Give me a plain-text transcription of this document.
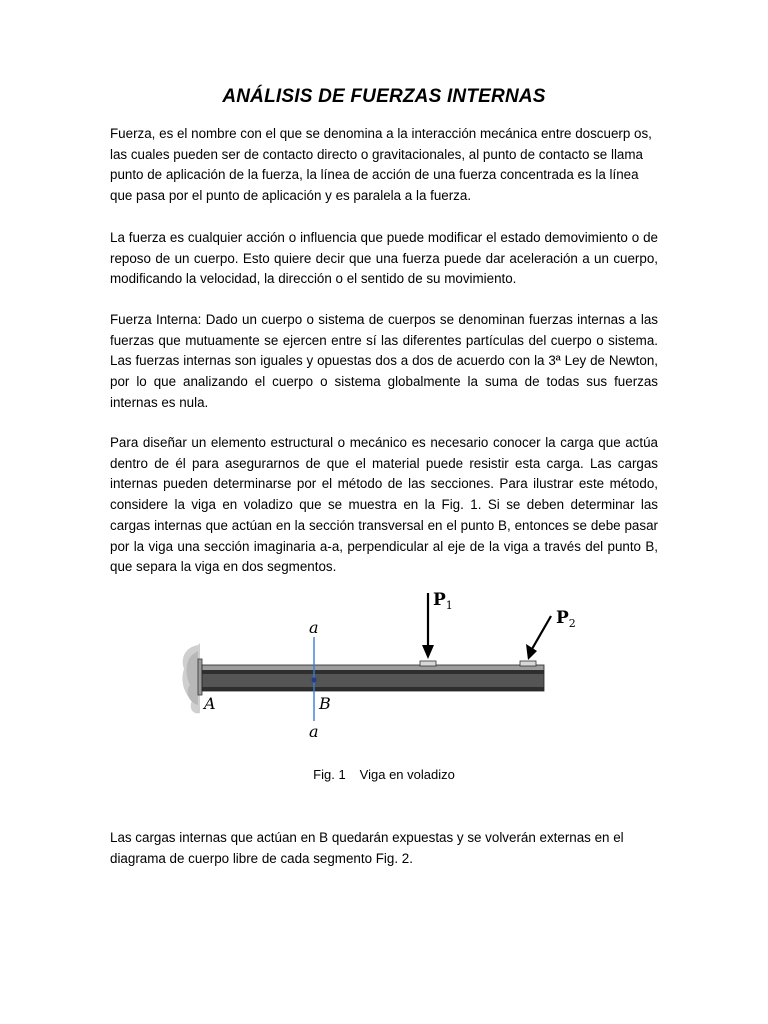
ANÁLISIS DE FUERZAS INTERNAS

Fuerza, es el nombre con el que se denomina a la interacción mecánica entre doscuerp os, las cuales pueden ser de contacto directo o gravitacionales, al punto de contacto se llama punto de aplicación de la fuerza, la línea de acción de una fuerza concentrada es la línea que pasa por el punto de aplicación y es paralela a la fuerza.

La fuerza es cualquier acción o influencia que puede modificar el estado demovimiento o de reposo de un cuerpo. Esto quiere decir que una fuerza puede dar aceleración a un cuerpo, modificando la velocidad, la dirección o el sentido de su movimiento.

Fuerza Interna: Dado un cuerpo o sistema de cuerpos se denominan fuerzas internas a las fuerzas que mutuamente se ejercen entre sí las diferentes partículas del cuerpo o sistema. Las fuerzas internas son iguales y opuestas dos a dos de acuerdo con la 3ª Ley de Newton, por lo que analizando el cuerpo o sistema globalmente la suma de todas sus fuerzas internas es nula.

Para diseñar un elemento estructural o mecánico es necesario conocer la carga que actúa dentro de él para asegurarnos de que el material puede resistir esta carga. Las cargas internas pueden determinarse por el método de las secciones. Para ilustrar este método, considere la viga en voladizo que se muestra en la Fig. 1. Si se deben determinar las cargas internas que actúan en la sección transversal en el punto B, entonces se debe pasar por la viga una sección imaginaria a-a, perpendicular al eje de la viga a través del punto B, que separa la viga en dos segmentos.

a
a
A	B
$P_1$
$P_2$
Fig. 1 Viga en voladizo

Las cargas internas que actúan en B quedarán expuestas y se volverán externas en el diagrama de cuerpo libre de cada segmento Fig. 2.
